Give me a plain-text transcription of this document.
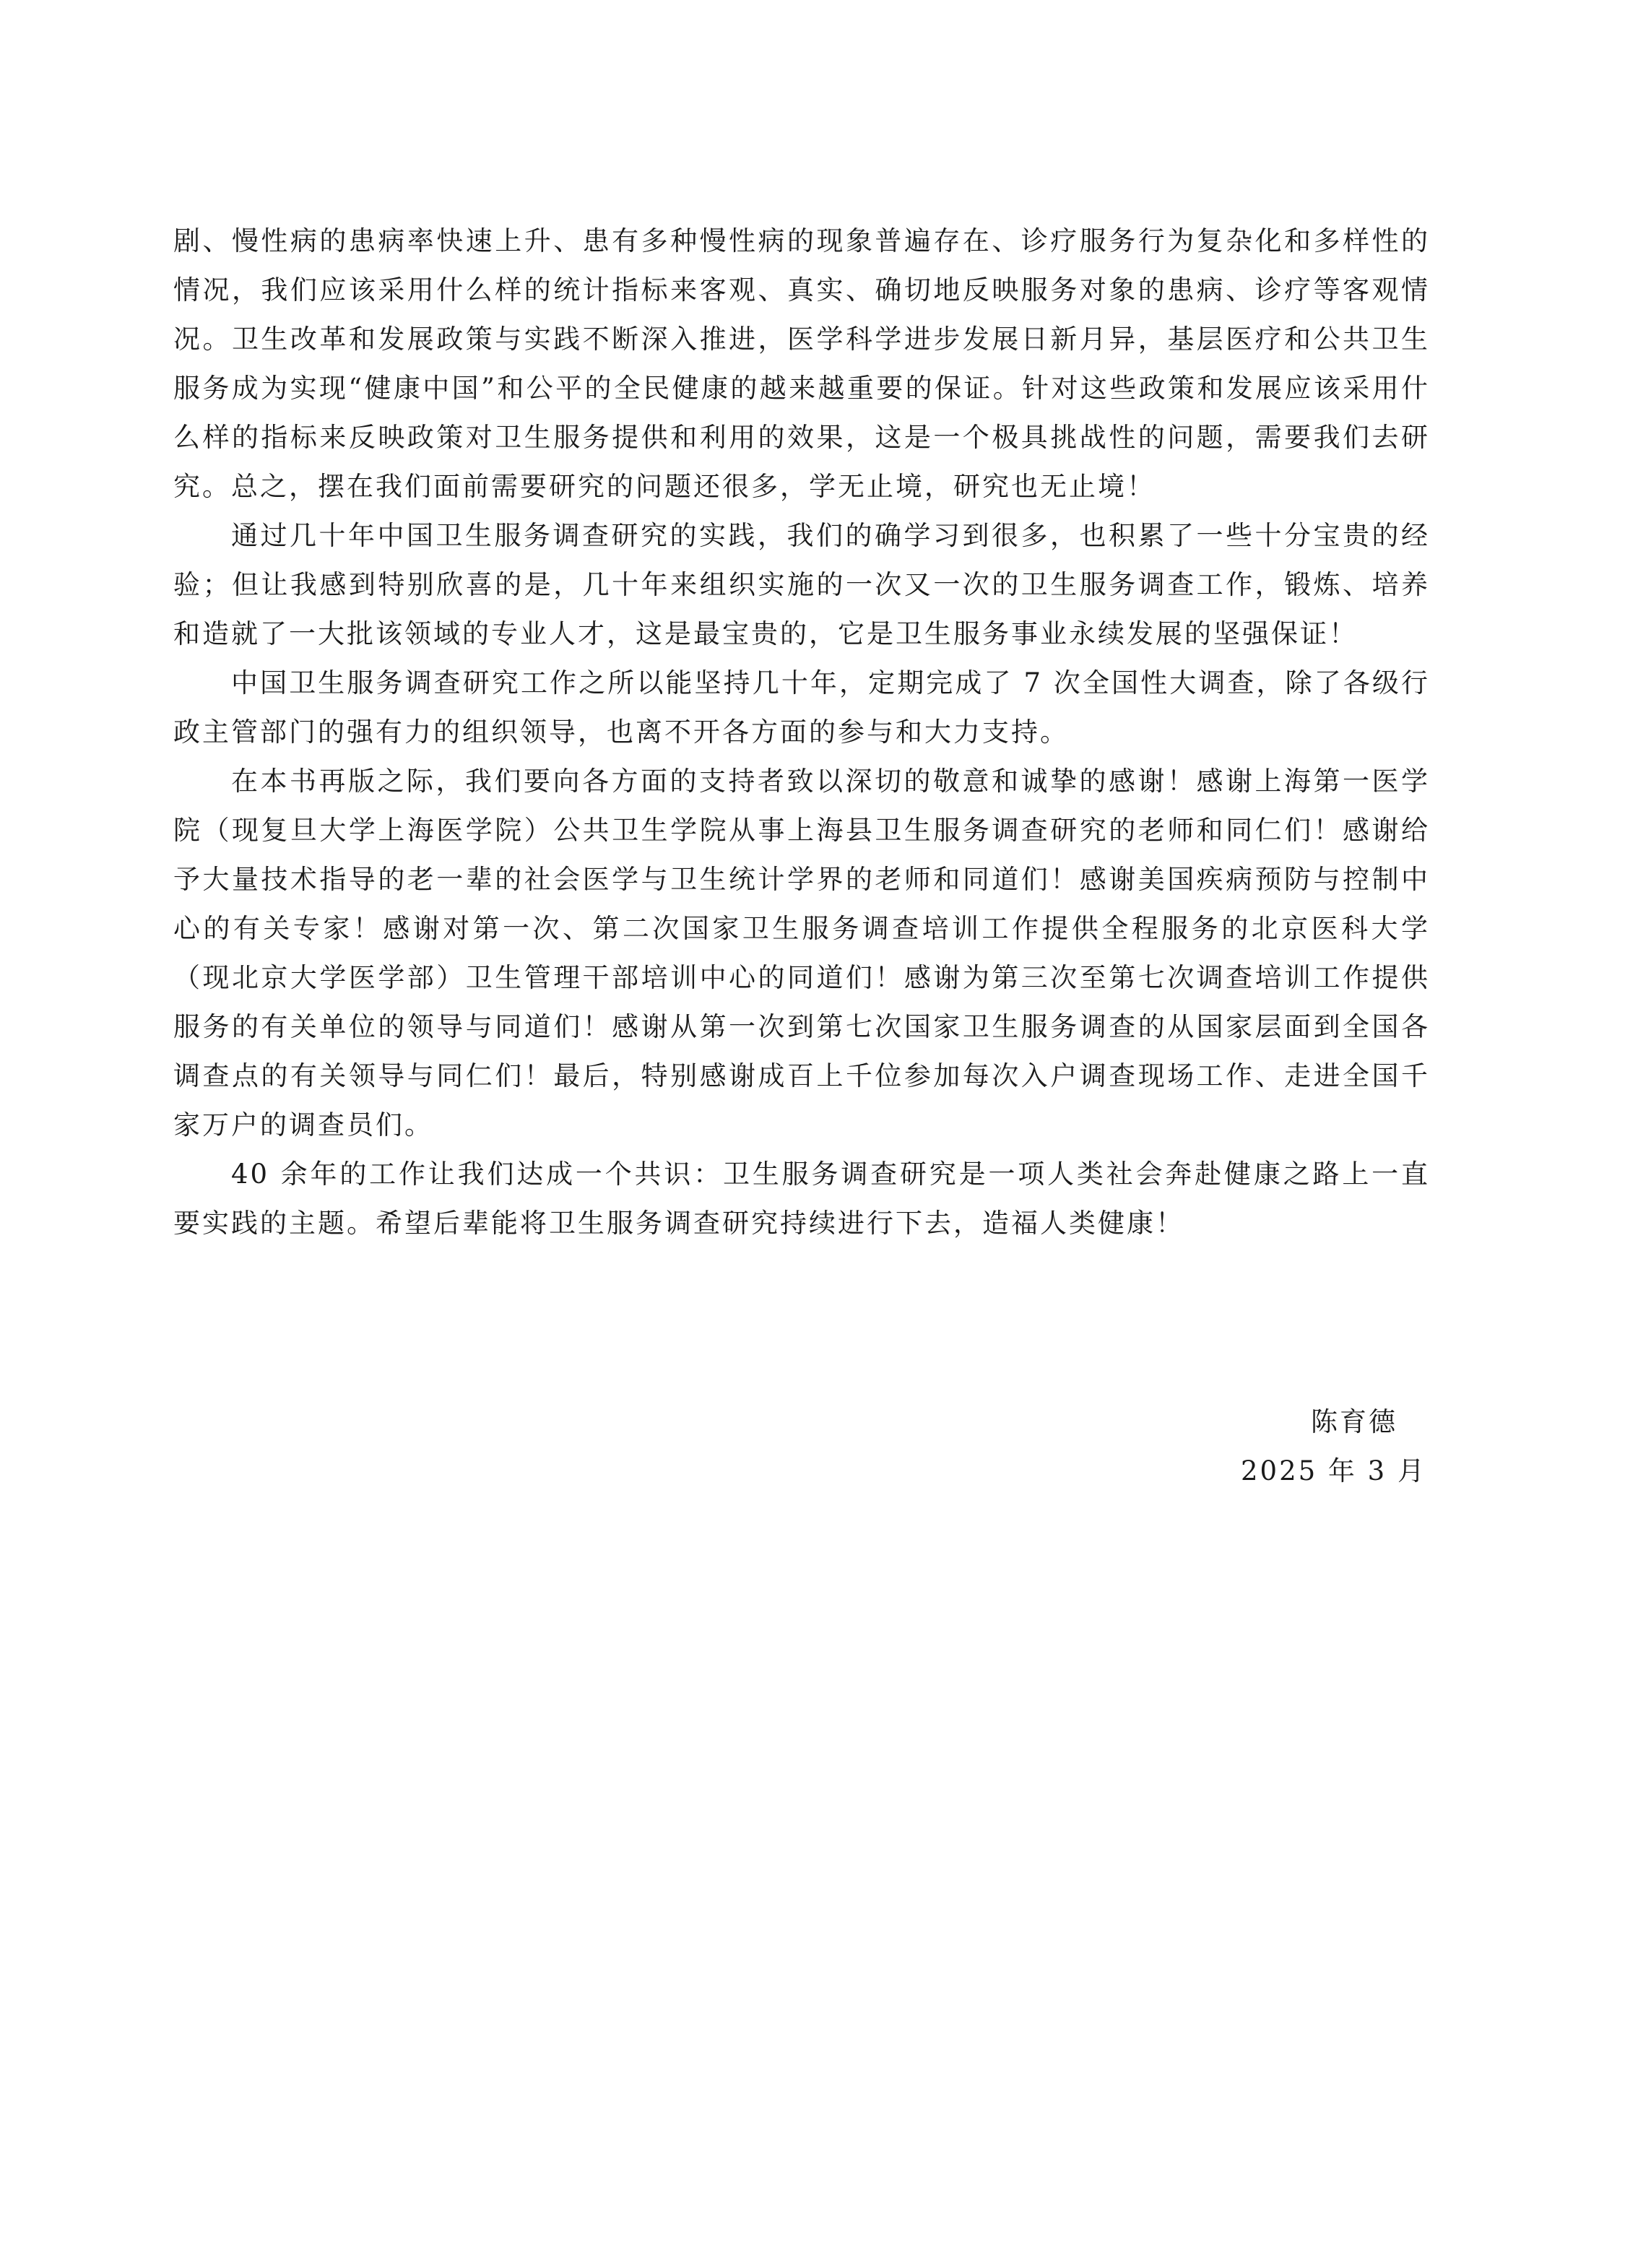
剧、慢性病的患病率快速上升、患有多种慢性病的现象普遍存在、诊疗服务行为复杂化和多样性的情况，我们应该采用什么样的统计指标来客观、真实、确切地反映服务对象的患病、诊疗等客观情况。卫生改革和发展政策与实践不断深入推进，医学科学进步发展日新月异，基层医疗和公共卫生服务成为实现“健康中国”和公平的全民健康的越来越重要的保证。针对这些政策和发展应该采用什么样的指标来反映政策对卫生服务提供和利用的效果，这是一个极具挑战性的问题，需要我们去研究。总之，摆在我们面前需要研究的问题还很多，学无止境，研究也无止境！

通过几十年中国卫生服务调查研究的实践，我们的确学习到很多，也积累了一些十分宝贵的经验；但让我感到特别欣喜的是，几十年来组织实施的一次又一次的卫生服务调查工作，锻炼、培养和造就了一大批该领域的专业人才，这是最宝贵的，它是卫生服务事业永续发展的坚强保证！

中国卫生服务调查研究工作之所以能坚持几十年，定期完成了 7 次全国性大调查，除了各级行政主管部门的强有力的组织领导，也离不开各方面的参与和大力支持。

在本书再版之际，我们要向各方面的支持者致以深切的敬意和诚挚的感谢！感谢上海第一医学院（现复旦大学上海医学院）公共卫生学院从事上海县卫生服务调查研究的老师和同仁们！感谢给予大量技术指导的老一辈的社会医学与卫生统计学界的老师和同道们！感谢美国疾病预防与控制中心的有关专家！感谢对第一次、第二次国家卫生服务调查培训工作提供全程服务的北京医科大学（现北京大学医学部）卫生管理干部培训中心的同道们！感谢为第三次至第七次调查培训工作提供服务的有关单位的领导与同道们！感谢从第一次到第七次国家卫生服务调查的从国家层面到全国各调查点的有关领导与同仁们！最后，特别感谢成百上千位参加每次入户调查现场工作、走进全国千家万户的调查员们。

40 余年的工作让我们达成一个共识：卫生服务调查研究是一项人类社会奔赴健康之路上一直要实践的主题。希望后辈能将卫生服务调查研究持续进行下去，造福人类健康！

陈育德
2025 年 3 月
